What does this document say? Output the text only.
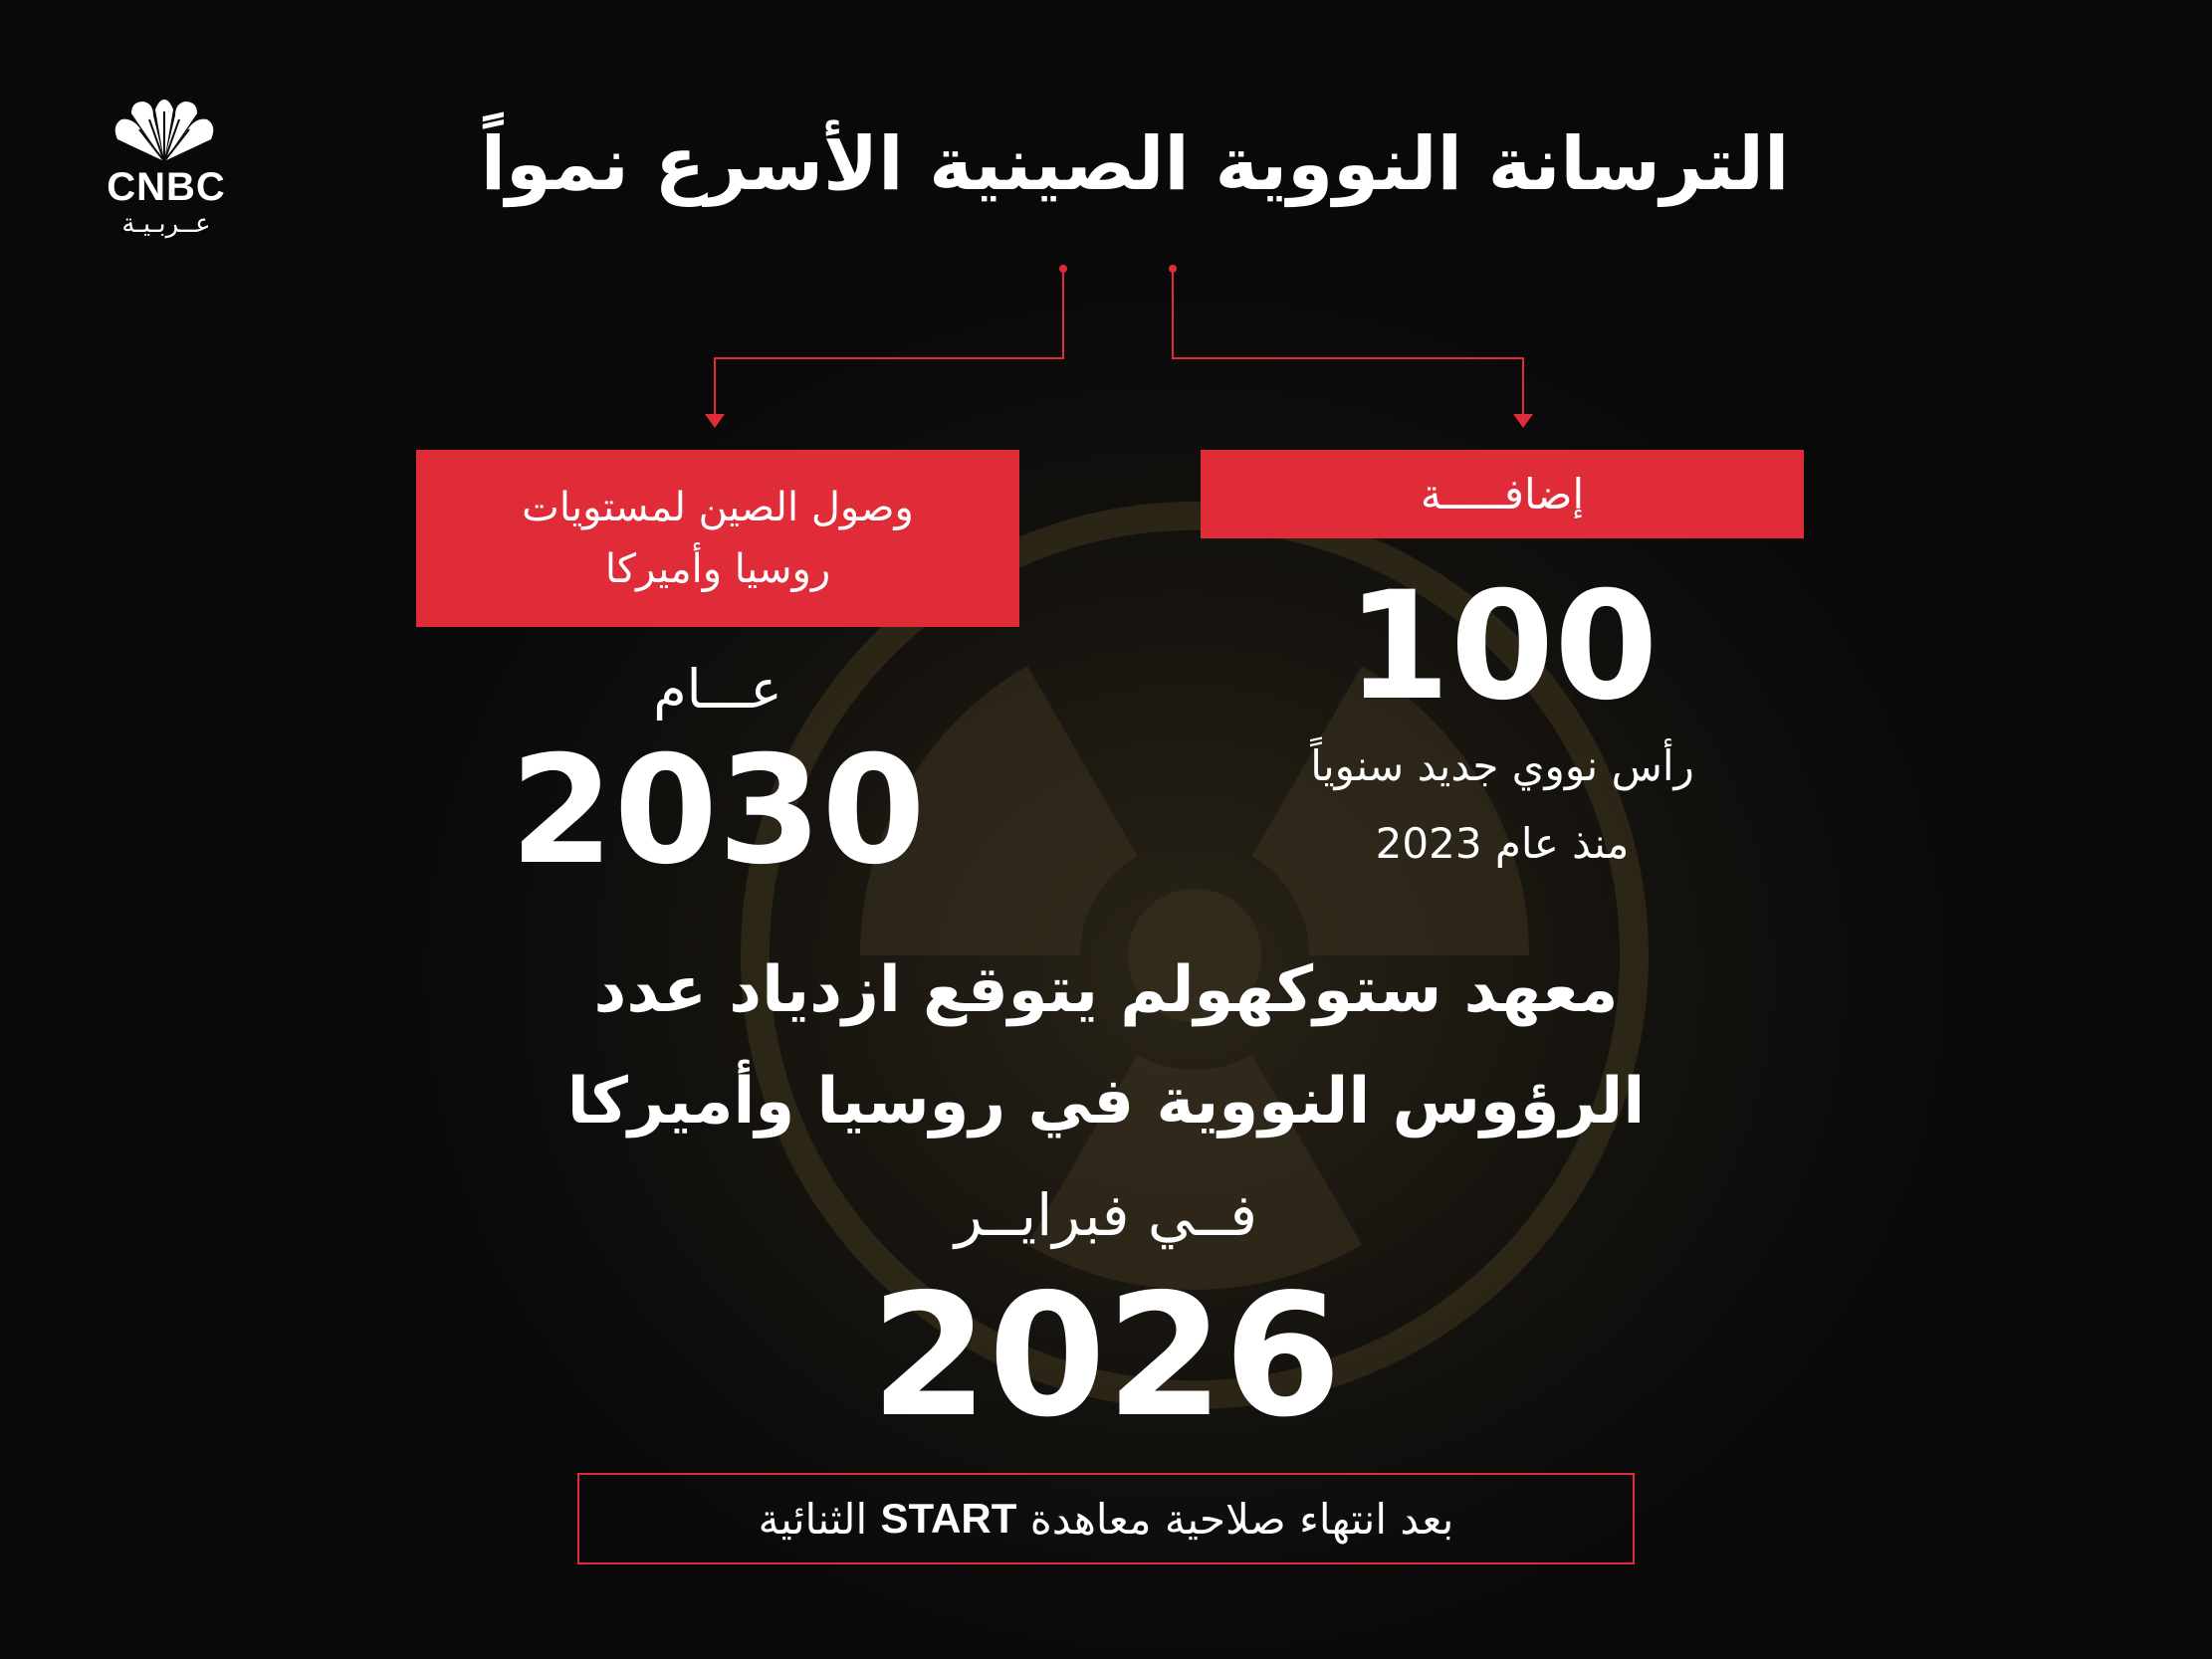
CNBC
عــربـيـة
الترسانة النووية الصينية الأسرع نمواً
إضافـــــة
100
رأس نووي جديد سنوياً
منذ عام 2023
وصول الصين لمستويات
روسيا وأميركا
عـــام
2030
معهد ستوكهولم يتوقع ازدياد عدد
الرؤوس النووية في روسيا وأميركا
فــي فبرايــر
2026
بعد انتهاء صلاحية معاهدة

START

الثنائية
